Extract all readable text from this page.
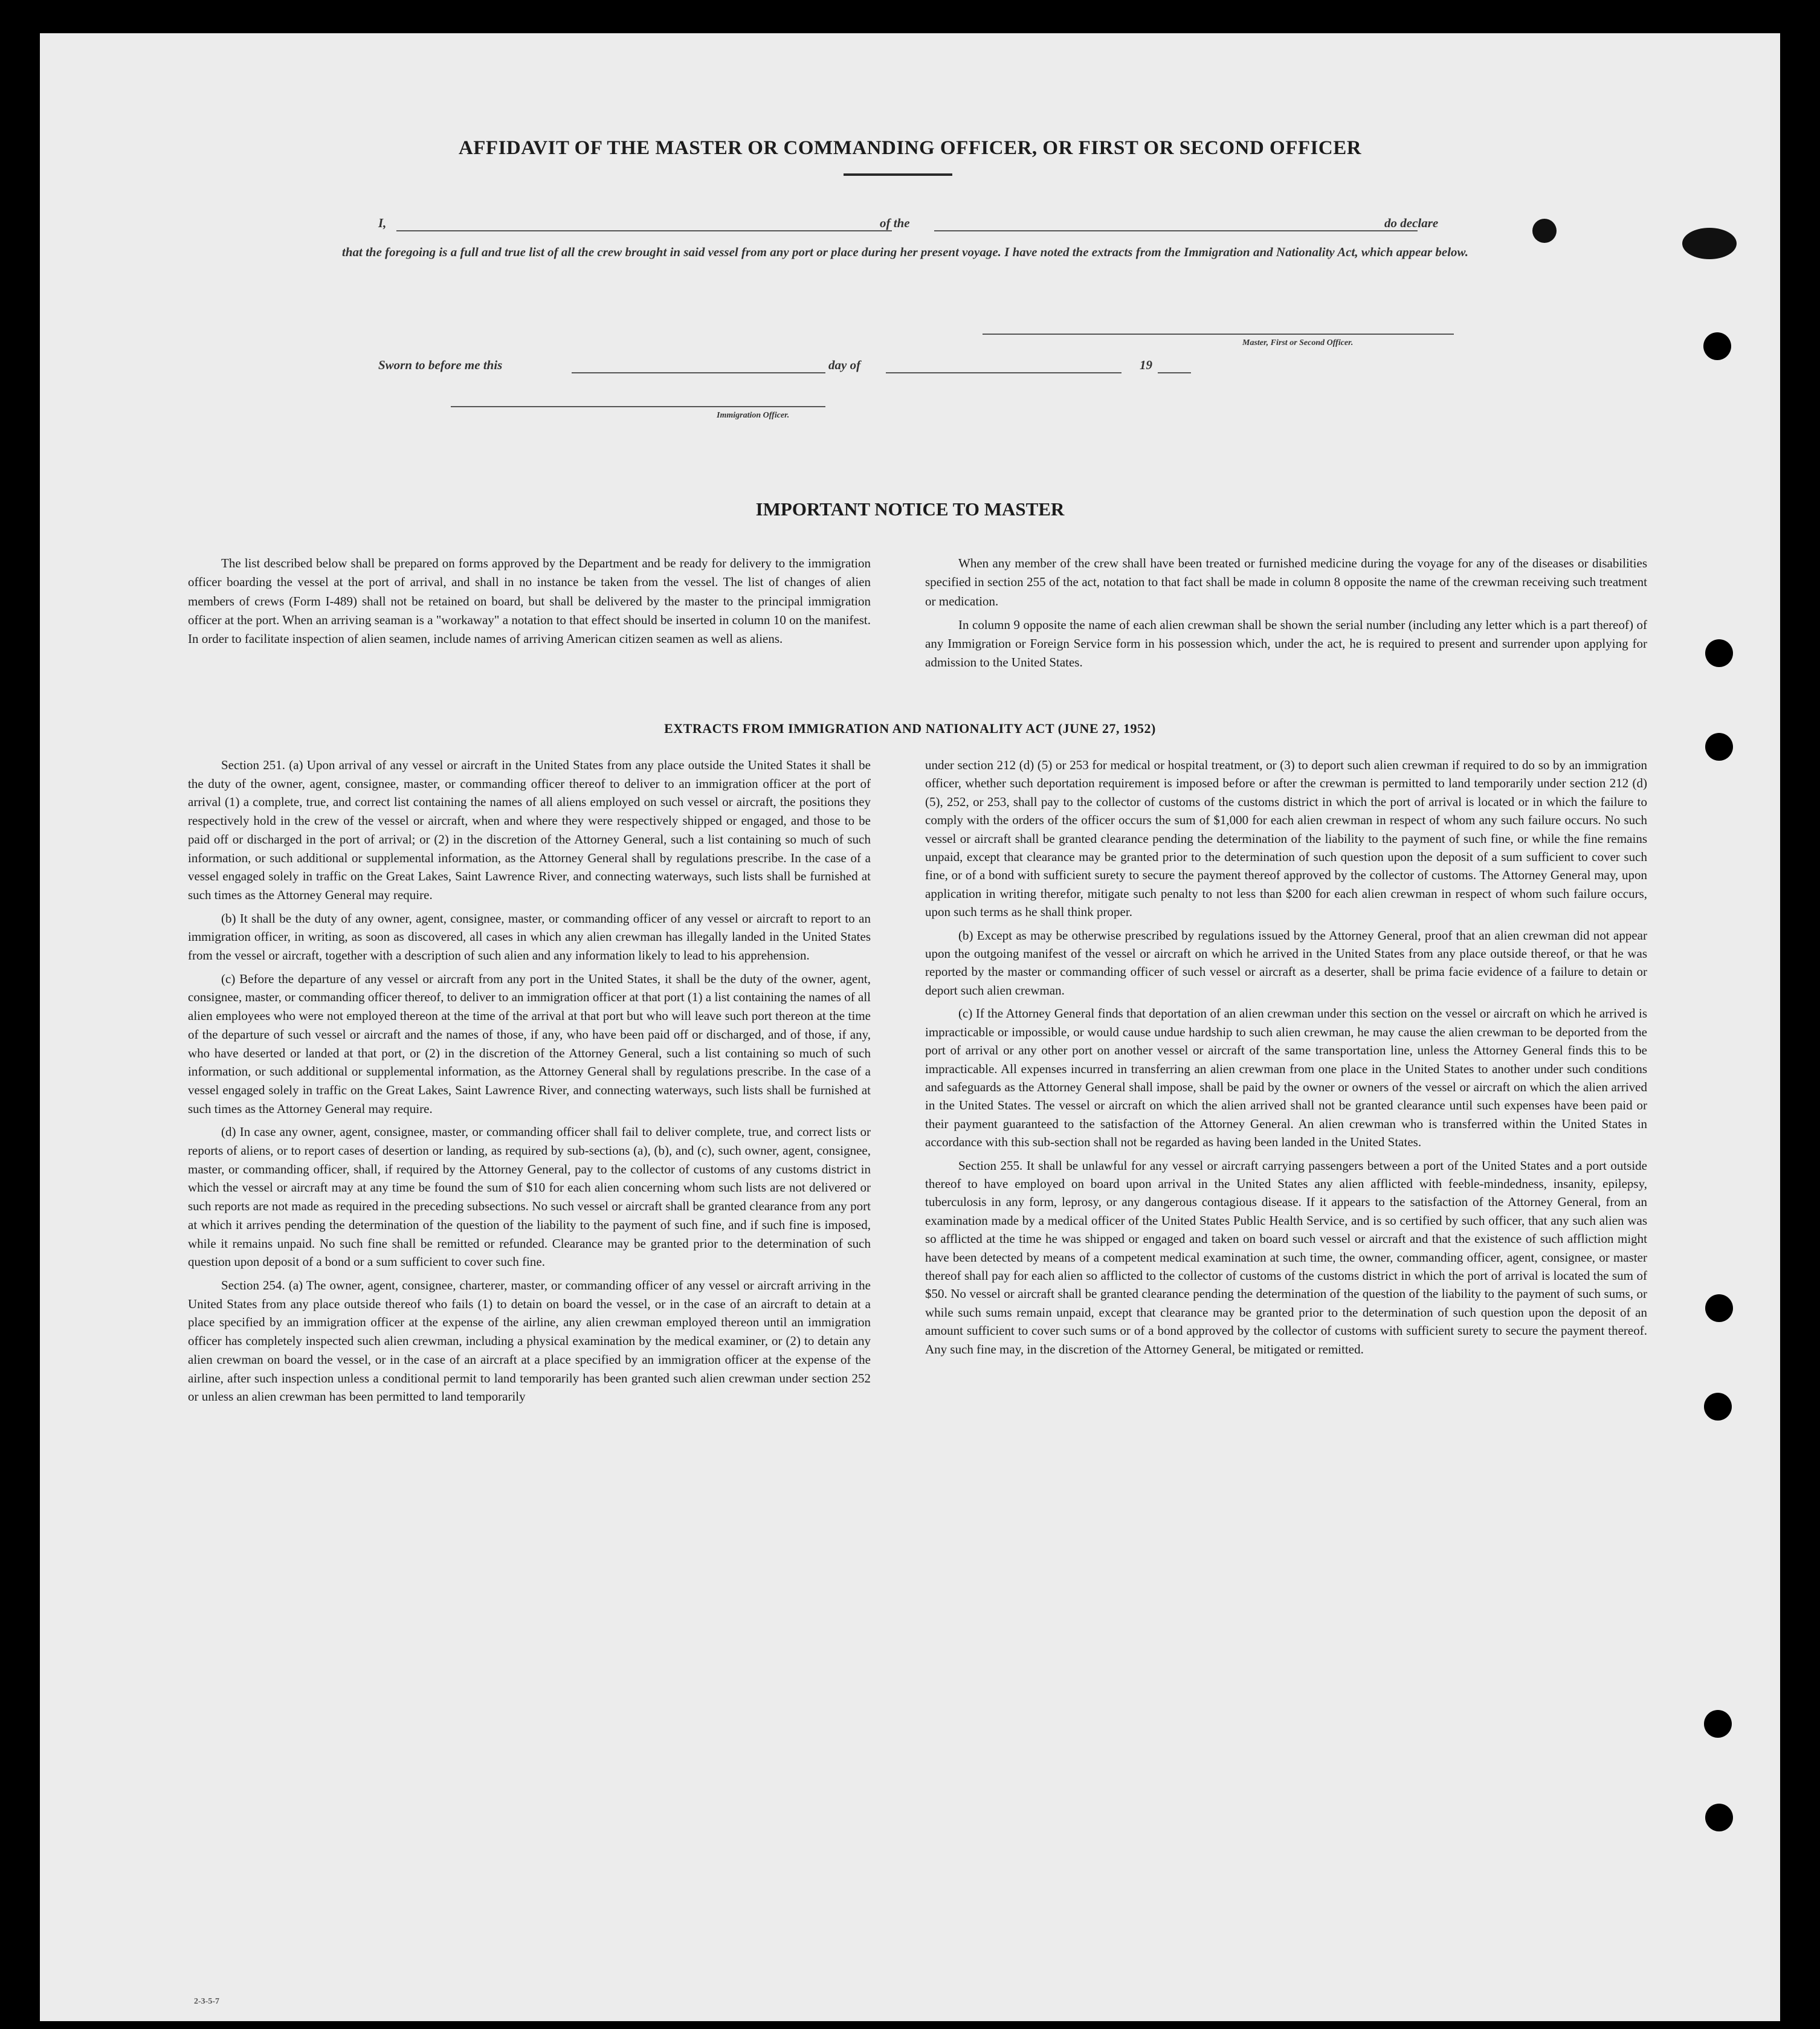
AFFIDAVIT OF THE MASTER OR COMMANDING OFFICER, OR FIRST OR SECOND OFFICER
I,	of the	do declare
that the foregoing is a full and true list of all the crew brought in said vessel from any port or place during her present voyage. I have noted the extracts from the Immigration and Nationality Act, which appear below.
Master, First or Second Officer.
Sworn to before me this	day of	19
Immigration Officer.
IMPORTANT NOTICE TO MASTER

The list described below shall be prepared on forms approved by the Department and be ready for delivery to the immigration officer boarding the vessel at the port of arrival, and shall in no instance be taken from the vessel. The list of changes of alien members of crews (Form I-489) shall not be retained on board, but shall be delivered by the master to the principal immigration officer at the port. When an arriving seaman is a "workaway" a notation to that effect should be inserted in column 10 on the manifest. In order to facilitate inspection of alien seamen, include names of arriving American citizen seamen as well as aliens.

When any member of the crew shall have been treated or furnished medicine during the voyage for any of the diseases or disabilities specified in section 255 of the act, notation to that fact shall be made in column 8 opposite the name of the crewman receiving such treatment or medication.

In column 9 opposite the name of each alien crewman shall be shown the serial number (including any letter which is a part thereof) of any Immigration or Foreign Service form in his possession which, under the act, he is required to present and surrender upon applying for admission to the United States.

EXTRACTS FROM IMMIGRATION AND NATIONALITY ACT (JUNE 27, 1952)

Section 251. (a) Upon arrival of any vessel or aircraft in the United States from any place outside the United States it shall be the duty of the owner, agent, consignee, master, or commanding officer thereof to deliver to an immigration officer at the port of arrival (1) a complete, true, and correct list containing the names of all aliens employed on such vessel or aircraft, the positions they respectively hold in the crew of the vessel or aircraft, when and where they were respectively shipped or engaged, and those to be paid off or discharged in the port of arrival; or (2) in the discretion of the Attorney General, such a list containing so much of such information, or such additional or supplemental information, as the Attorney General shall by regulations prescribe. In the case of a vessel engaged solely in traffic on the Great Lakes, Saint Lawrence River, and connecting waterways, such lists shall be furnished at such times as the Attorney General may require.

(b) It shall be the duty of any owner, agent, consignee, master, or commanding officer of any vessel or aircraft to report to an immigration officer, in writing, as soon as discovered, all cases in which any alien crewman has illegally landed in the United States from the vessel or aircraft, together with a description of such alien and any information likely to lead to his apprehension.

(c) Before the departure of any vessel or aircraft from any port in the United States, it shall be the duty of the owner, agent, consignee, master, or commanding officer thereof, to deliver to an immigration officer at that port (1) a list containing the names of all alien employees who were not employed thereon at the time of the arrival at that port but who will leave such port thereon at the time of the departure of such vessel or aircraft and the names of those, if any, who have been paid off or discharged, and of those, if any, who have deserted or landed at that port, or (2) in the discretion of the Attorney General, such a list containing so much of such information, or such additional or supplemental information, as the Attorney General shall by regulations prescribe. In the case of a vessel engaged solely in traffic on the Great Lakes, Saint Lawrence River, and connecting waterways, such lists shall be furnished at such times as the Attorney General may require.

(d) In case any owner, agent, consignee, master, or commanding officer shall fail to deliver complete, true, and correct lists or reports of aliens, or to report cases of desertion or landing, as required by sub-sections (a), (b), and (c), such owner, agent, consignee, master, or commanding officer, shall, if required by the Attorney General, pay to the collector of customs of any customs district in which the vessel or aircraft may at any time be found the sum of $10 for each alien concerning whom such lists are not delivered or such reports are not made as required in the preceding subsections. No such vessel or aircraft shall be granted clearance from any port at which it arrives pending the determination of the question of the liability to the payment of such fine, and if such fine is imposed, while it remains unpaid. No such fine shall be remitted or refunded. Clearance may be granted prior to the determination of such question upon deposit of a bond or a sum sufficient to cover such fine.

Section 254. (a) The owner, agent, consignee, charterer, master, or commanding officer of any vessel or aircraft arriving in the United States from any place outside thereof who fails (1) to detain on board the vessel, or in the case of an aircraft to detain at a place specified by an immigration officer at the expense of the airline, any alien crewman employed thereon until an immigration officer has completely inspected such alien crewman, including a physical examination by the medical examiner, or (2) to detain any alien crewman on board the vessel, or in the case of an aircraft at a place specified by an immigration officer at the expense of the airline, after such inspection unless a conditional permit to land temporarily has been granted such alien crewman under section 252 or unless an alien crewman has been permitted to land temporarily

under section 212 (d) (5) or 253 for medical or hospital treatment, or (3) to deport such alien crewman if required to do so by an immigration officer, whether such deportation requirement is imposed before or after the crewman is permitted to land temporarily under section 212 (d) (5), 252, or 253, shall pay to the collector of customs of the customs district in which the port of arrival is located or in which the failure to comply with the orders of the officer occurs the sum of $1,000 for each alien crewman in respect of whom any such failure occurs. No such vessel or aircraft shall be granted clearance pending the determination of the liability to the payment of such fine, or while the fine remains unpaid, except that clearance may be granted prior to the determination of such question upon the deposit of a sum sufficient to cover such fine, or of a bond with sufficient surety to secure the payment thereof approved by the collector of customs. The Attorney General may, upon application in writing therefor, mitigate such penalty to not less than $200 for each alien crewman in respect of whom such failure occurs, upon such terms as he shall think proper.

(b) Except as may be otherwise prescribed by regulations issued by the Attorney General, proof that an alien crewman did not appear upon the outgoing manifest of the vessel or aircraft on which he arrived in the United States from any place outside thereof, or that he was reported by the master or commanding officer of such vessel or aircraft as a deserter, shall be prima facie evidence of a failure to detain or deport such alien crewman.

(c) If the Attorney General finds that deportation of an alien crewman under this section on the vessel or aircraft on which he arrived is impracticable or impossible, or would cause undue hardship to such alien crewman, he may cause the alien crewman to be deported from the port of arrival or any other port on another vessel or aircraft of the same transportation line, unless the Attorney General finds this to be impracticable. All expenses incurred in transferring an alien crewman from one place in the United States to another under such conditions and safeguards as the Attorney General shall impose, shall be paid by the owner or owners of the vessel or aircraft on which the alien arrived in the United States. The vessel or aircraft on which the alien arrived shall not be granted clearance until such expenses have been paid or their payment guaranteed to the satisfaction of the Attorney General. An alien crewman who is transferred within the United States in accordance with this sub-section shall not be regarded as having been landed in the United States.

Section 255. It shall be unlawful for any vessel or aircraft carrying passengers between a port of the United States and a port outside thereof to have employed on board upon arrival in the United States any alien afflicted with feeble-mindedness, insanity, epilepsy, tuberculosis in any form, leprosy, or any dangerous contagious disease. If it appears to the satisfaction of the Attorney General, from an examination made by a medical officer of the United States Public Health Service, and is so certified by such officer, that any such alien was so afflicted at the time he was shipped or engaged and taken on board such vessel or aircraft and that the existence of such affliction might have been detected by means of a competent medical examination at such time, the owner, commanding officer, agent, consignee, or master thereof shall pay for each alien so afflicted to the collector of customs of the customs district in which the port of arrival is located the sum of $50. No vessel or aircraft shall be granted clearance pending the determination of the question of the liability to the payment of such sums, or while such sums remain unpaid, except that clearance may be granted prior to the determination of such question upon the deposit of an amount sufficient to cover such sums or of a bond approved by the collector of customs with sufficient surety to secure the payment thereof. Any such fine may, in the discretion of the Attorney General, be mitigated or remitted.

2-3-5-7
